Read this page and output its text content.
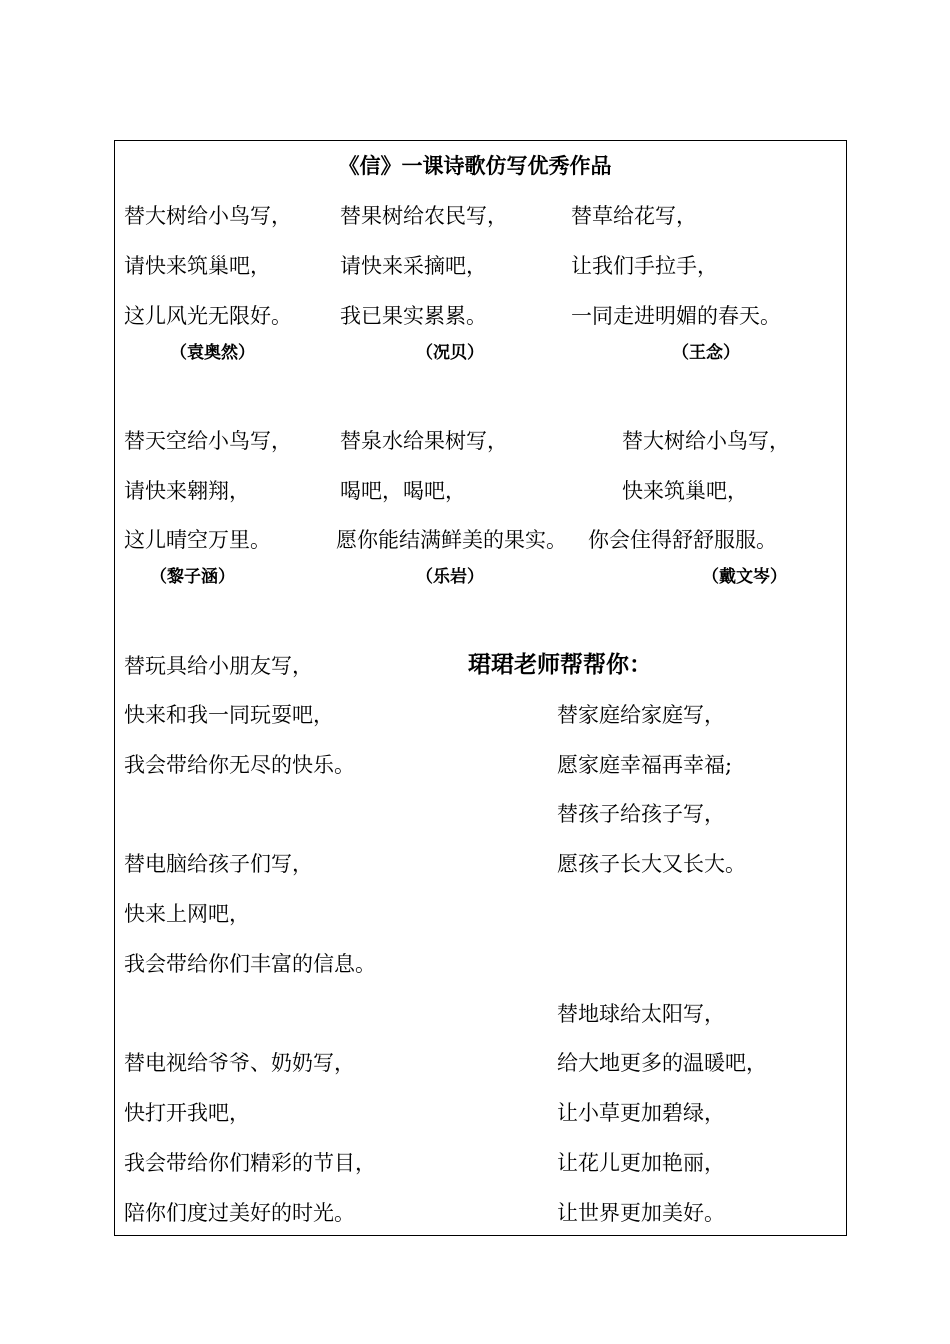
《信》一课诗歌仿写优秀作品
替大树给小鸟写，
请快来筑巢吧，
这儿风光无限好。
（袁奥然）
替果树给农民写，
请快来采摘吧，
我已果实累累。
（况贝）
替草给花写，
让我们手拉手，
一同走进明媚的春天。
（王念）
替天空给小鸟写，
请快来翱翔，
这儿晴空万里。
（黎子涵）
替泉水给果树写，
喝吧，喝吧，
愿你能结满鲜美的果实。
（乐岩）
替大树给小鸟写，
快来筑巢吧，
你会住得舒舒服服。
（戴文岑）
替玩具给小朋友写，
快来和我一同玩耍吧，
我会带给你无尽的快乐。
替电脑给孩子们写，
快来上网吧，
我会带给你们丰富的信息。
替电视给爷爷、奶奶写，
快打开我吧，
我会带给你们精彩的节目，
陪你们度过美好的时光。
珺珺老师帮帮你：
替家庭给家庭写，
愿家庭幸福再幸福;
替孩子给孩子写，
愿孩子长大又长大。
替地球给太阳写，
给大地更多的温暖吧，
让小草更加碧绿，
让花儿更加艳丽，
让世界更加美好。
